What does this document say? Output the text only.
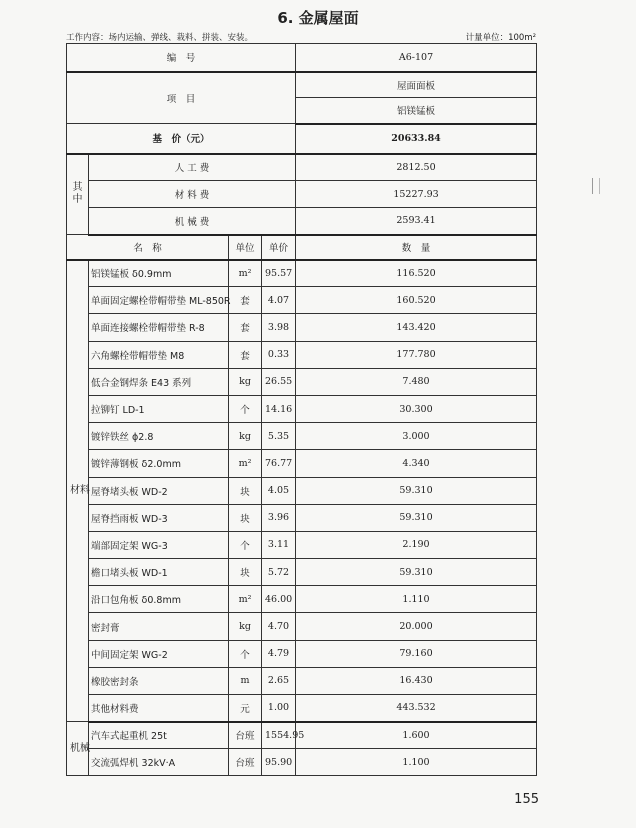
6. 金属屋面
工作内容：场内运输、弹线、栽料、拼装、安装。	计量单位：100m²
编　号				A6-107
项　目				屋面面板
				铝镁锰板
基　价（元）				20633.84
其中	人 工 费			2812.50
	材 料 费			15227.93
	机 械 费			2593.41
名　称		单位	单价	数　量
材料	铝镁锰板 δ0.9mm	m²	95.57	116.520
	单面固定螺栓带帽带垫 ML-850R	套	4.07	160.520
	单面连接螺栓带帽带垫 R-8	套	3.98	143.420
	六角螺栓带帽带垫 M8	套	0.33	177.780
	低合金钢焊条 E43 系列	kg	26.55	7.480
	拉铆钉 LD-1	个	14.16	30.300
	镀锌铁丝 ϕ2.8	kg	5.35	3.000
	镀锌薄钢板 δ2.0mm	m²	76.77	4.340
	屋脊堵头板 WD-2	块	4.05	59.310
	屋脊挡雨板 WD-3	块	3.96	59.310
	端部固定架 WG-3	个	3.11	2.190
	檐口堵头板 WD-1	块	5.72	59.310
	沿口包角板 δ0.8mm	m²	46.00	1.110
	密封膏	kg	4.70	20.000
	中间固定架 WG-2	个	4.79	79.160
	橡胶密封条	m	2.65	16.430
	其他材料费	元	1.00	443.532
机械	汽车式起重机 25t	台班	1554.95	1.600
	交流弧焊机 32kV·A	台班	95.90	1.100
155
